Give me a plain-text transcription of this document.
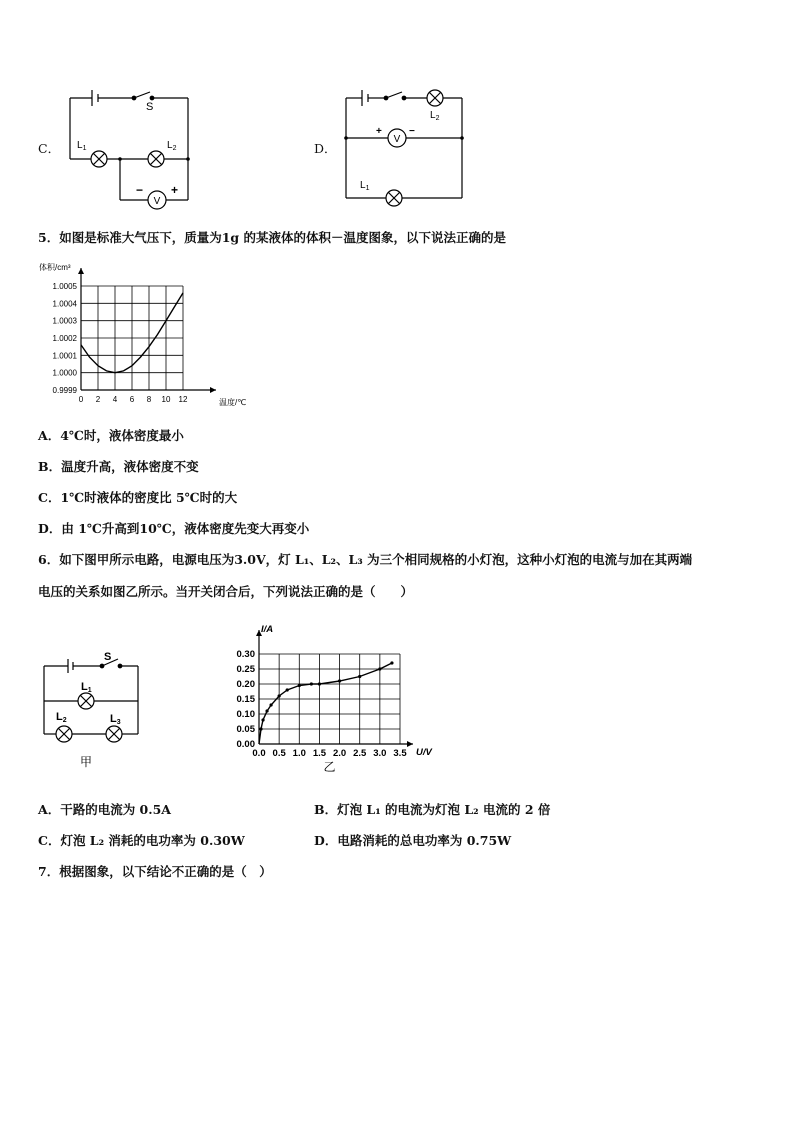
C．
V
S
$L_1$	$L_2$
− +
D．
V
$L_2$
$L_1$
+	−
5．如图是标准大气压下，质量为1g 的某液体的体积－温度图象，以下说法正确的是
0 2 4 6 8 10 12
0.9999
1.0000
1.0001
1.0002
1.0003
1.0004
1.0005
体积/cm³
温度/℃
A．4℃时，液体密度最小
B．温度升高，液体密度不变
C．1℃时液体的密度比 5℃时的大
D．由 1℃升高到10℃，液体密度先变大再变小
6．如下图甲所示电路，电源电压为3.0V，灯 L₁、L₂、L₃ 为三个相同规格的小灯泡，这种小灯泡的电流与加在其两端
电压的关系如图乙所示。当开关闭合后，下列说法正确的是（　　）
S
L1
L2	L3
甲
0.0 0.5 1.0 1.5 2.0 2.5 3.0 3.5
0.00
0.05
0.10
0.15
0.20
0.25
0.30
I/A
U/V
乙
A．干路的电流为 0.5A	B．灯泡 L₁ 的电流为灯泡 L₂ 电流的 2 倍
C．灯泡 L₂ 消耗的电功率为 0.30W	D．电路消耗的总电功率为 0.75W
7．根据图象，以下结论不正确的是（　）
